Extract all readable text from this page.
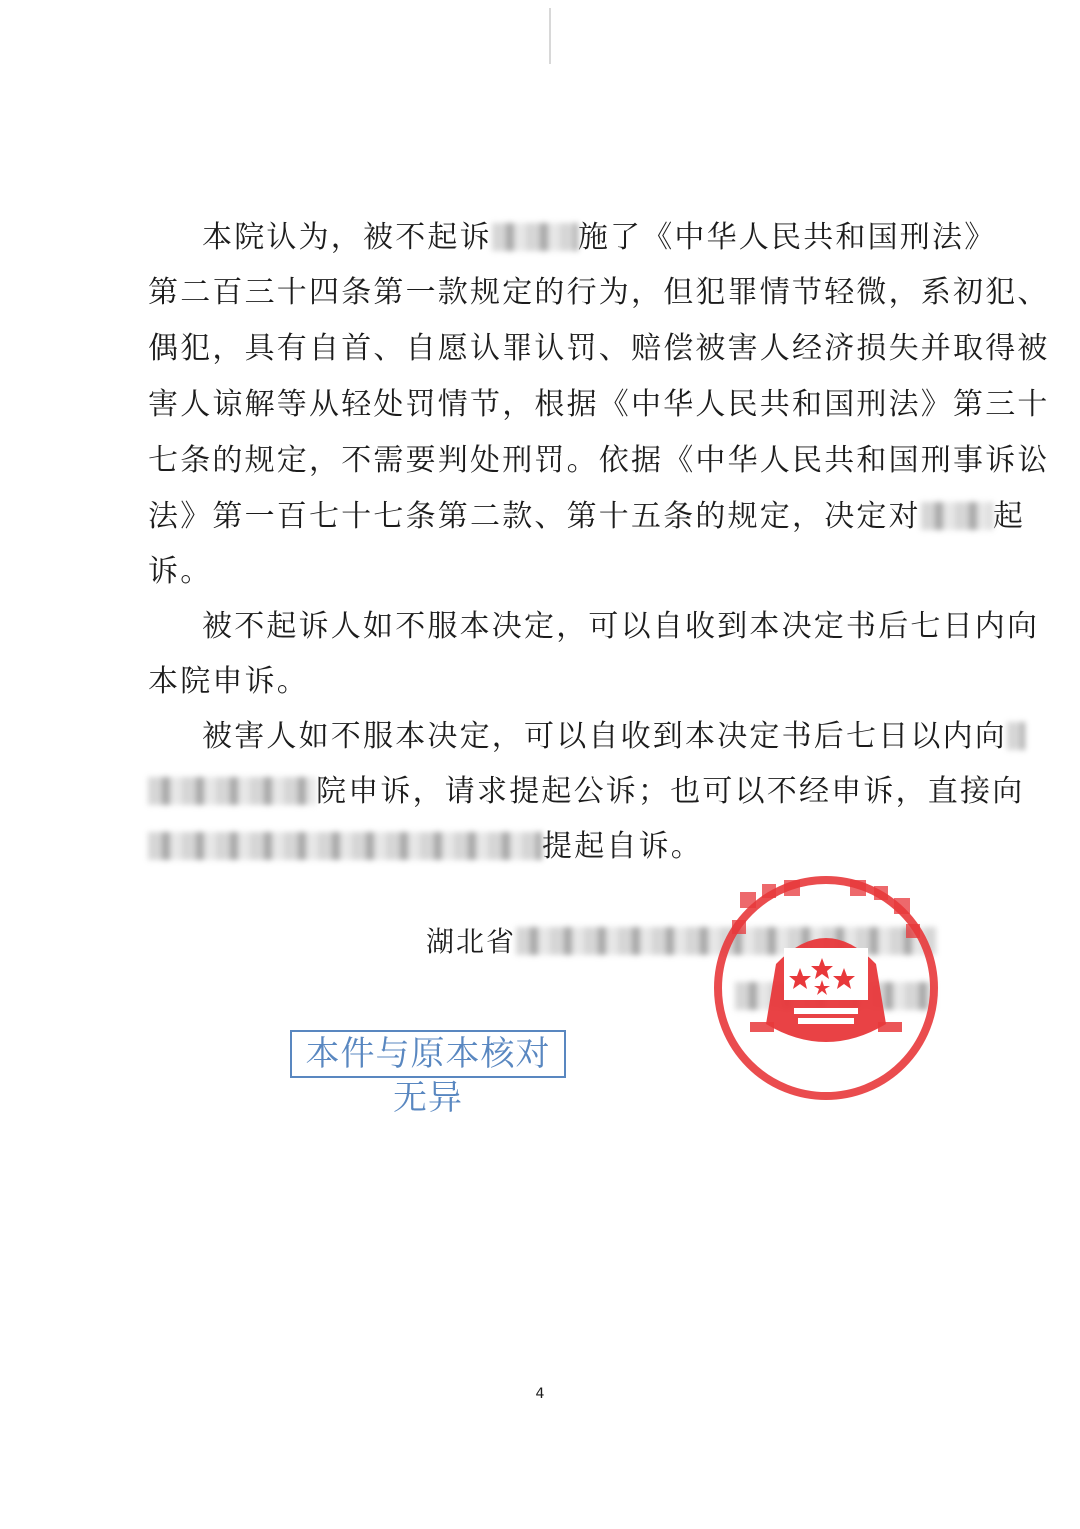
本院认为，被不起诉	施了《中华人民共和国刑法》
第二百三十四条第一款规定的行为，但犯罪情节轻微，系初犯、
偶犯，具有自首、自愿认罪认罚、赔偿被害人经济损失并取得被
害人谅解等从轻处罚情节，根据《中华人民共和国刑法》第三十
七条的规定，不需要判处刑罚。依据《中华人民共和国刑事诉讼
法》第一百七十七条第二款、第十五条的规定，决定对 起
诉。
被不起诉人如不服本决定，可以自收到本决定书后七日内向
本院申诉。
被害人如不服本决定，可以自收到本决定书后七日以内向
院申诉，请求提起公诉；也可以不经申诉，直接向
提起自诉。
湖北省
本件与原本核对无异
4
